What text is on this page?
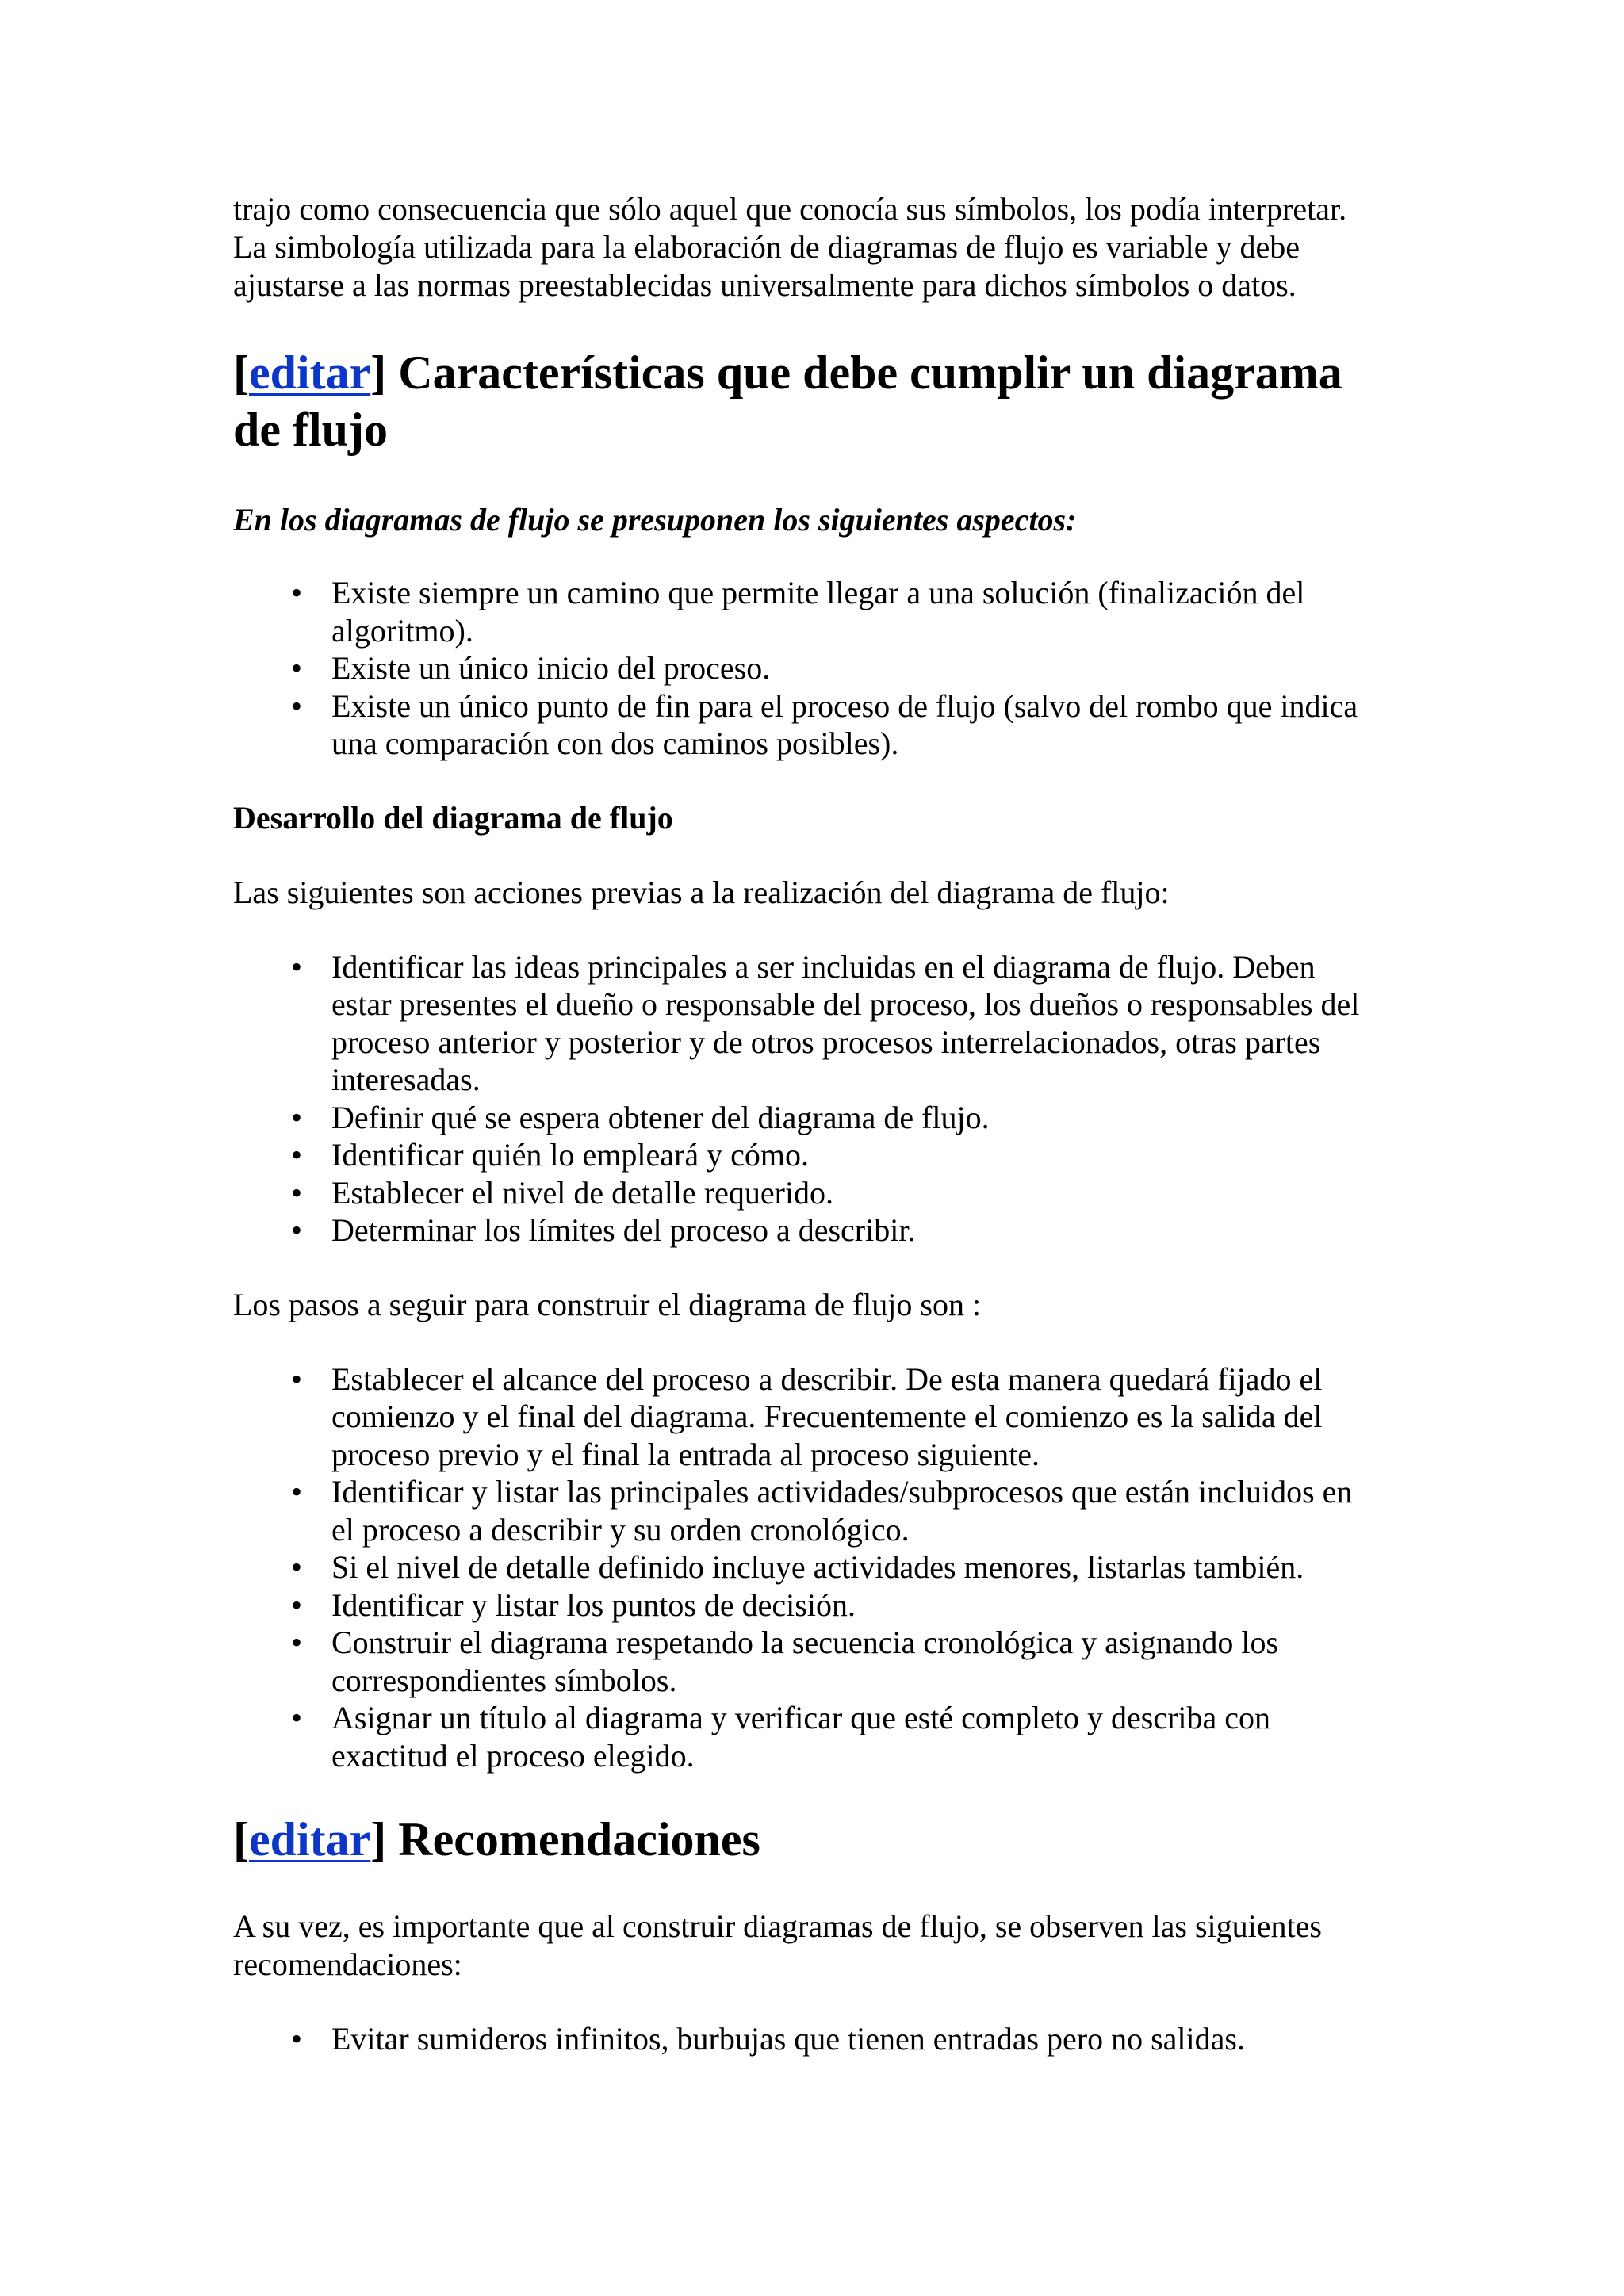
trajo como consecuencia que sólo aquel que conocía sus símbolos, los podía interpretar.
La simbología utilizada para la elaboración de diagramas de flujo es variable y debe
ajustarse a las normas preestablecidas universalmente para dichos símbolos o datos.

[editar] Características que debe cumplir un diagrama
de flujo

En los diagramas de flujo se presuponen los siguientes aspectos:

• Existe siempre un camino que permite llegar a una solución (finalización del
algoritmo).
• Existe un único inicio del proceso.
• Existe un único punto de fin para el proceso de flujo (salvo del rombo que indica
una comparación con dos caminos posibles).

Desarrollo del diagrama de flujo

Las siguientes son acciones previas a la realización del diagrama de flujo:

• Identificar las ideas principales a ser incluidas en el diagrama de flujo. Deben
estar presentes el dueño o responsable del proceso, los dueños o responsables del
proceso anterior y posterior y de otros procesos interrelacionados, otras partes
interesadas.
• Definir qué se espera obtener del diagrama de flujo.
• Identificar quién lo empleará y cómo.
• Establecer el nivel de detalle requerido.
• Determinar los límites del proceso a describir.

Los pasos a seguir para construir el diagrama de flujo son :

• Establecer el alcance del proceso a describir. De esta manera quedará fijado el
comienzo y el final del diagrama. Frecuentemente el comienzo es la salida del
proceso previo y el final la entrada al proceso siguiente.
• Identificar y listar las principales actividades/subprocesos que están incluidos en
el proceso a describir y su orden cronológico.
• Si el nivel de detalle definido incluye actividades menores, listarlas también.
• Identificar y listar los puntos de decisión.
• Construir el diagrama respetando la secuencia cronológica y asignando los
correspondientes símbolos.
• Asignar un título al diagrama y verificar que esté completo y describa con
exactitud el proceso elegido.
[editar] Recomendaciones

A su vez, es importante que al construir diagramas de flujo, se observen las siguientes
recomendaciones:

• Evitar sumideros infinitos, burbujas que tienen entradas pero no salidas.
